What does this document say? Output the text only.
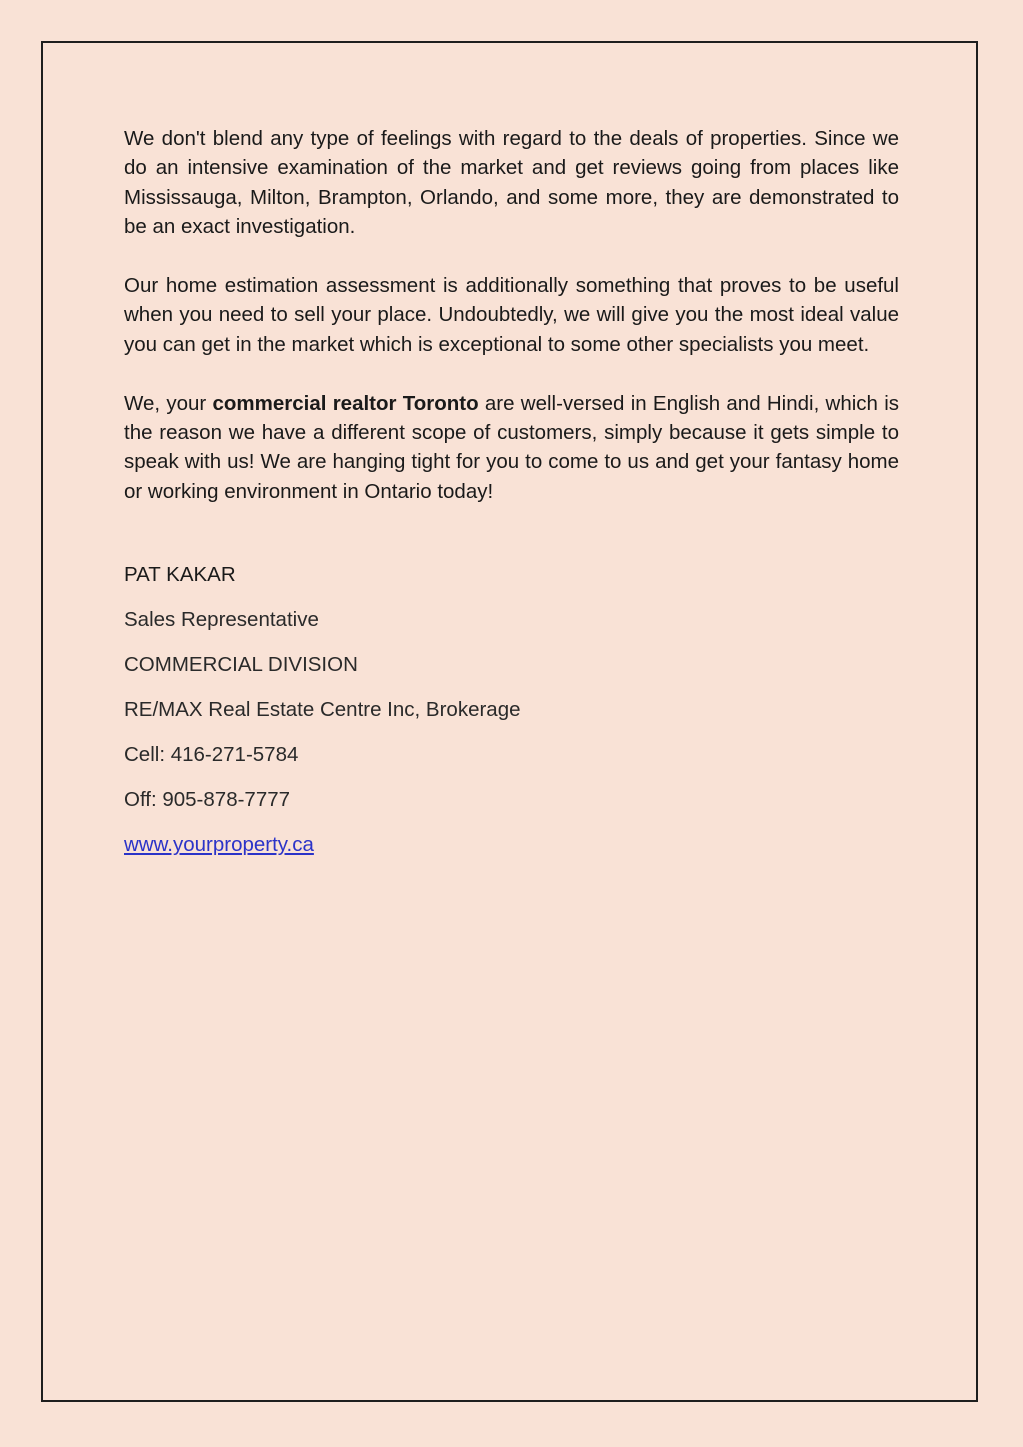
We don't blend any type of feelings with regard to the deals of properties. Since we do an intensive examination of the market and get reviews going from places like Mississauga, Milton, Brampton, Orlando, and some more, they are demonstrated to be an exact investigation.

Our home estimation assessment is additionally something that proves to be useful when you need to sell your place. Undoubtedly, we will give you the most ideal value you can get in the market which is exceptional to some other specialists you meet.

We, your commercial realtor Toronto are well-versed in English and Hindi, which is the reason we have a different scope of customers, simply because it gets simple to speak with us! We are hanging tight for you to come to us and get your fantasy home or working environment in Ontario today!

PAT KAKAR
Sales Representative
COMMERCIAL DIVISION
RE/MAX Real Estate Centre Inc, Brokerage
Cell: 416-271-5784
Off: 905-878-7777
www.yourproperty.ca
